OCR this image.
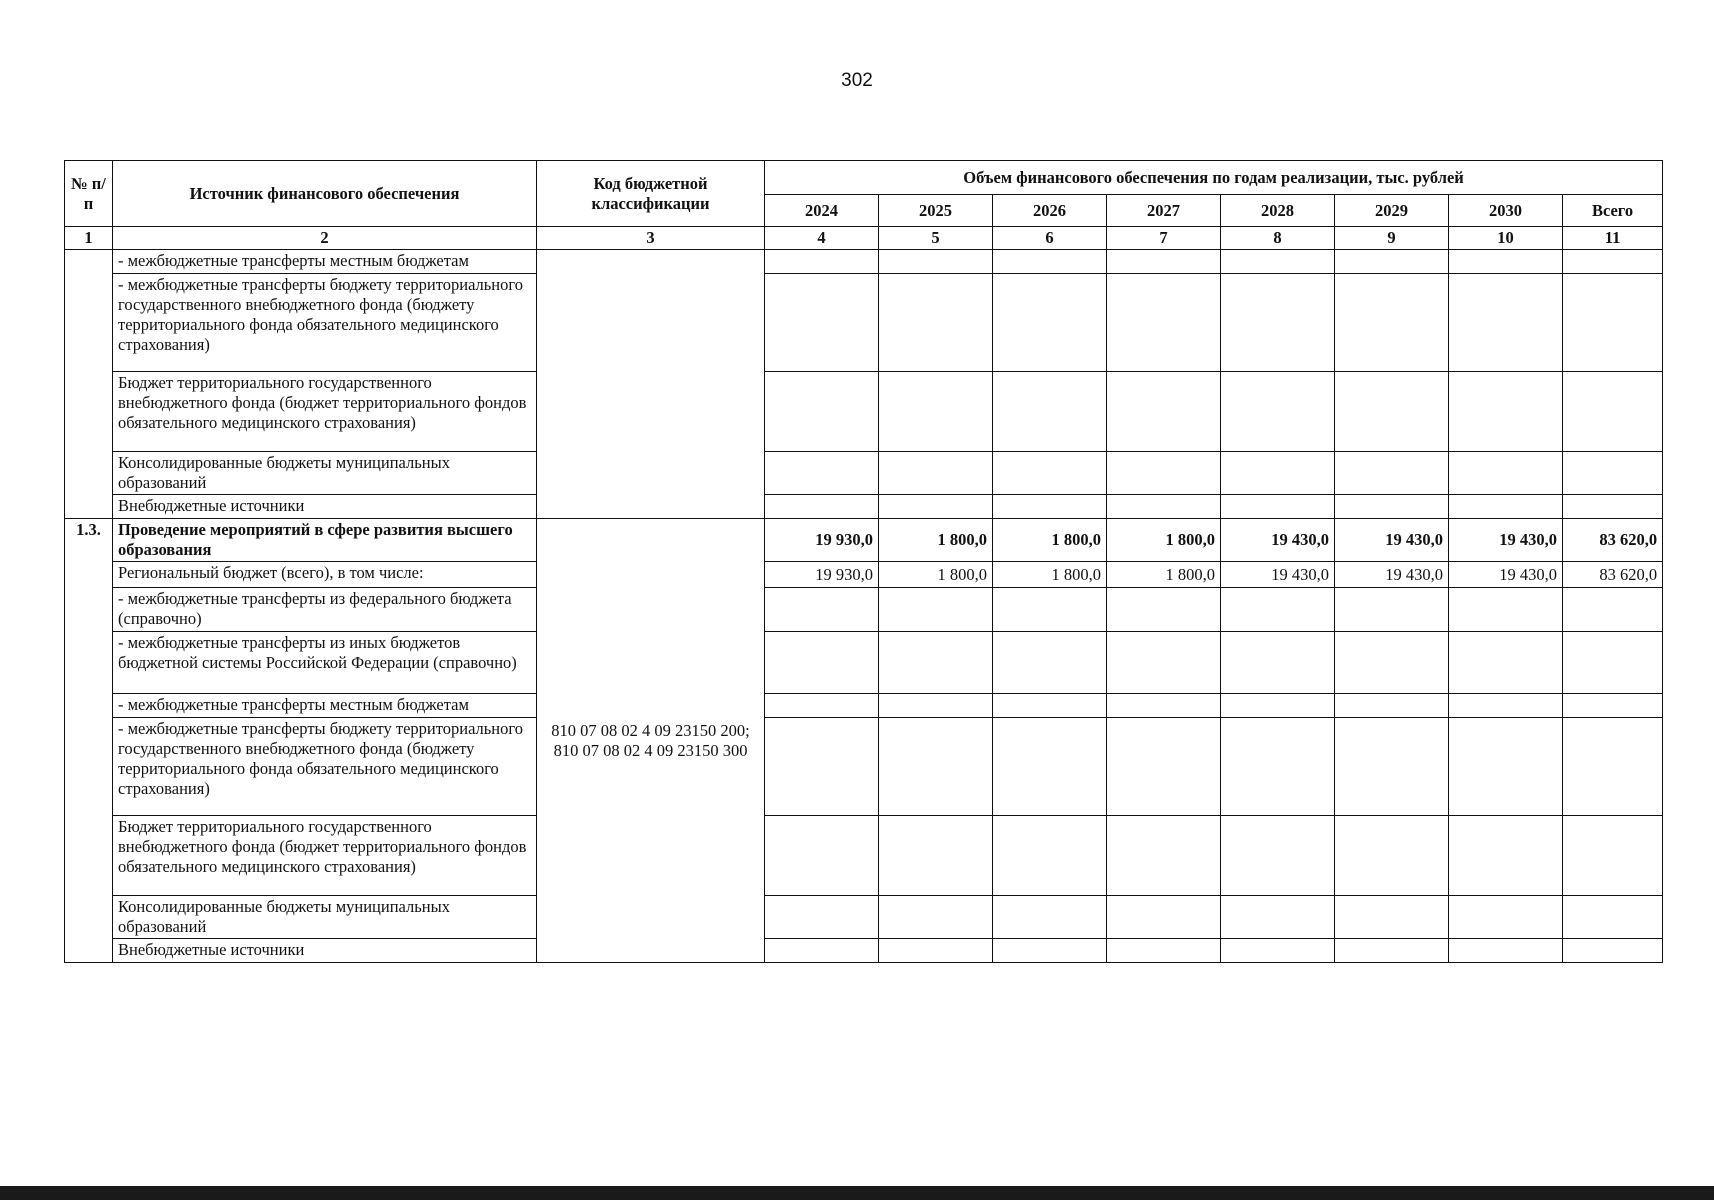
302
№ п/п	Источник финансового обеспечения	Код бюджетной классификации	Объем финансового обеспечения по годам реализации, тыс. рублей							
			2024	2025	2026	2027	2028	2029	2030	Всего
1	2	3	4	5	6	7	8	9	10	11
	- межбюджетные трансферты местным бюджетам									
	- межбюджетные трансферты бюджету территориального государственного внебюджетного фонда (бюджету территориального фонда обязательного медицинского страхования)									
	Бюджет территориального государственного внебюджетного фонда (бюджет территориального фондов обязательного медицинского страхования)									
	Консолидированные бюджеты муниципальных образований									
	Внебюджетные источники									
1.3.	Проведение мероприятий в сфере развития высшего образования	810 07 08 02 4 09 23150 200; 810 07 08 02 4 09 23150 300	19 930,0	1 800,0	1 800,0	1 800,0	19 430,0	19 430,0	19 430,0	83 620,0
	Региональный бюджет (всего), в том числе:		19 930,0	1 800,0	1 800,0	1 800,0	19 430,0	19 430,0	19 430,0	83 620,0
	- межбюджетные трансферты из федерального бюджета (справочно)									
	- межбюджетные трансферты из иных бюджетов бюджетной системы Российской Федерации (справочно)									
	- межбюджетные трансферты местным бюджетам									
	- межбюджетные трансферты бюджету территориального государственного внебюджетного фонда (бюджету территориального фонда обязательного медицинского страхования)									
	Бюджет территориального государственного внебюджетного фонда (бюджет территориального фондов обязательного медицинского страхования)									
	Консолидированные бюджеты муниципальных образований									
	Внебюджетные источники									
